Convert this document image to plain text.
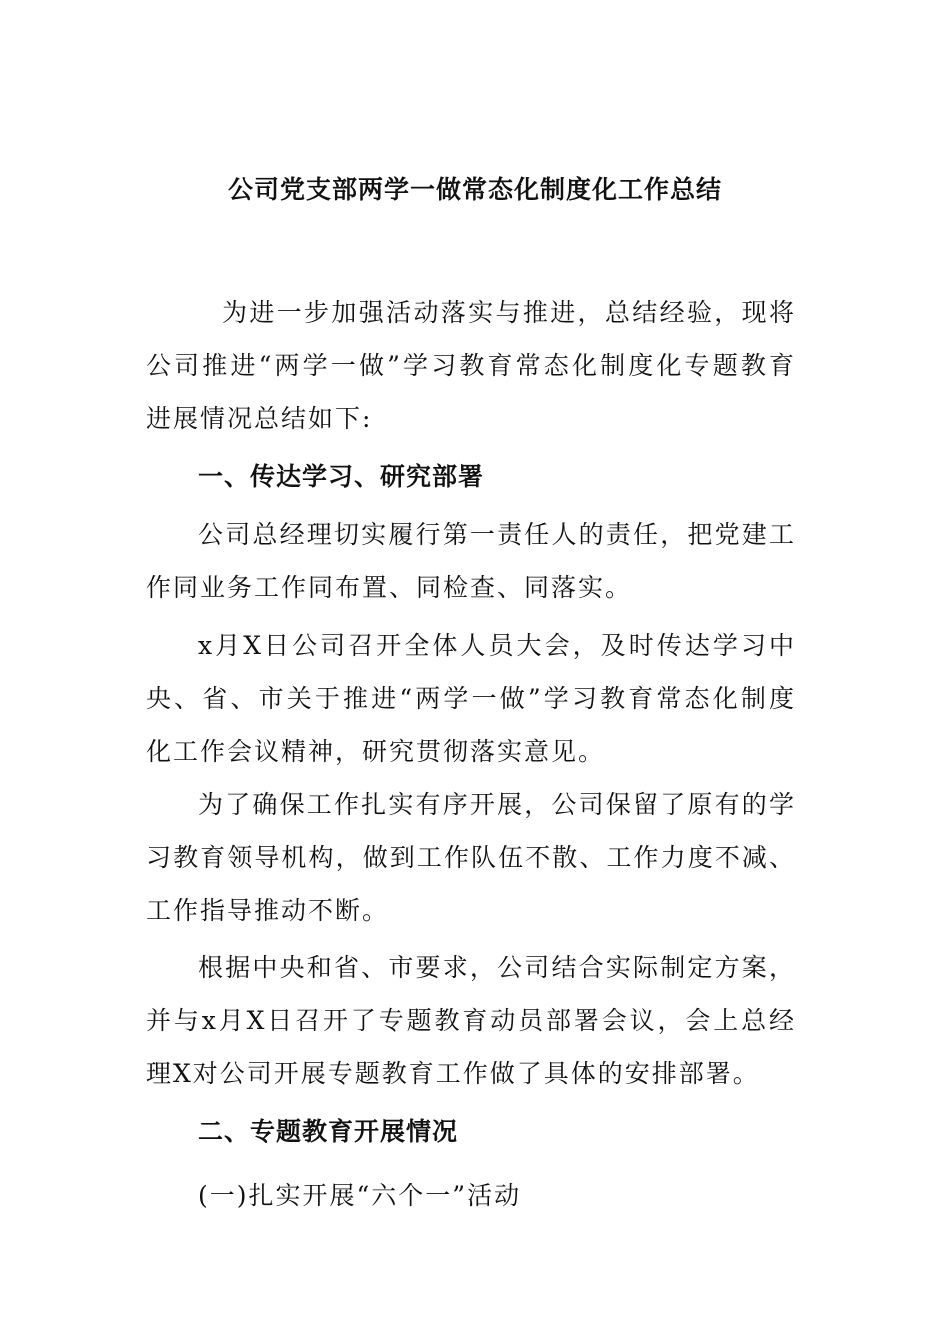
公司党支部两学一做常态化制度化工作总结

为进一步加强活动落实与推进，总结经验，现将公司推进“两学一做”学习教育常态化制度化专题教育进展情况总结如下:

一、传达学习、研究部署

公司总经理切实履行第一责任人的责任，把党建工作同业务工作同布置、同检查、同落实。

x月X日公司召开全体人员大会，及时传达学习中央、省、市关于推进“两学一做”学习教育常态化制度化工作会议精神，研究贯彻落实意见。

为了确保工作扎实有序开展，公司保留了原有的学习教育领导机构，做到工作队伍不散、工作力度不减、工作指导推动不断。

根据中央和省、市要求，公司结合实际制定方案，并与x月X日召开了专题教育动员部署会议，会上总经理X对公司开展专题教育工作做了具体的安排部署。

二、专题教育开展情况
(一)扎实开展“六个一”活动
